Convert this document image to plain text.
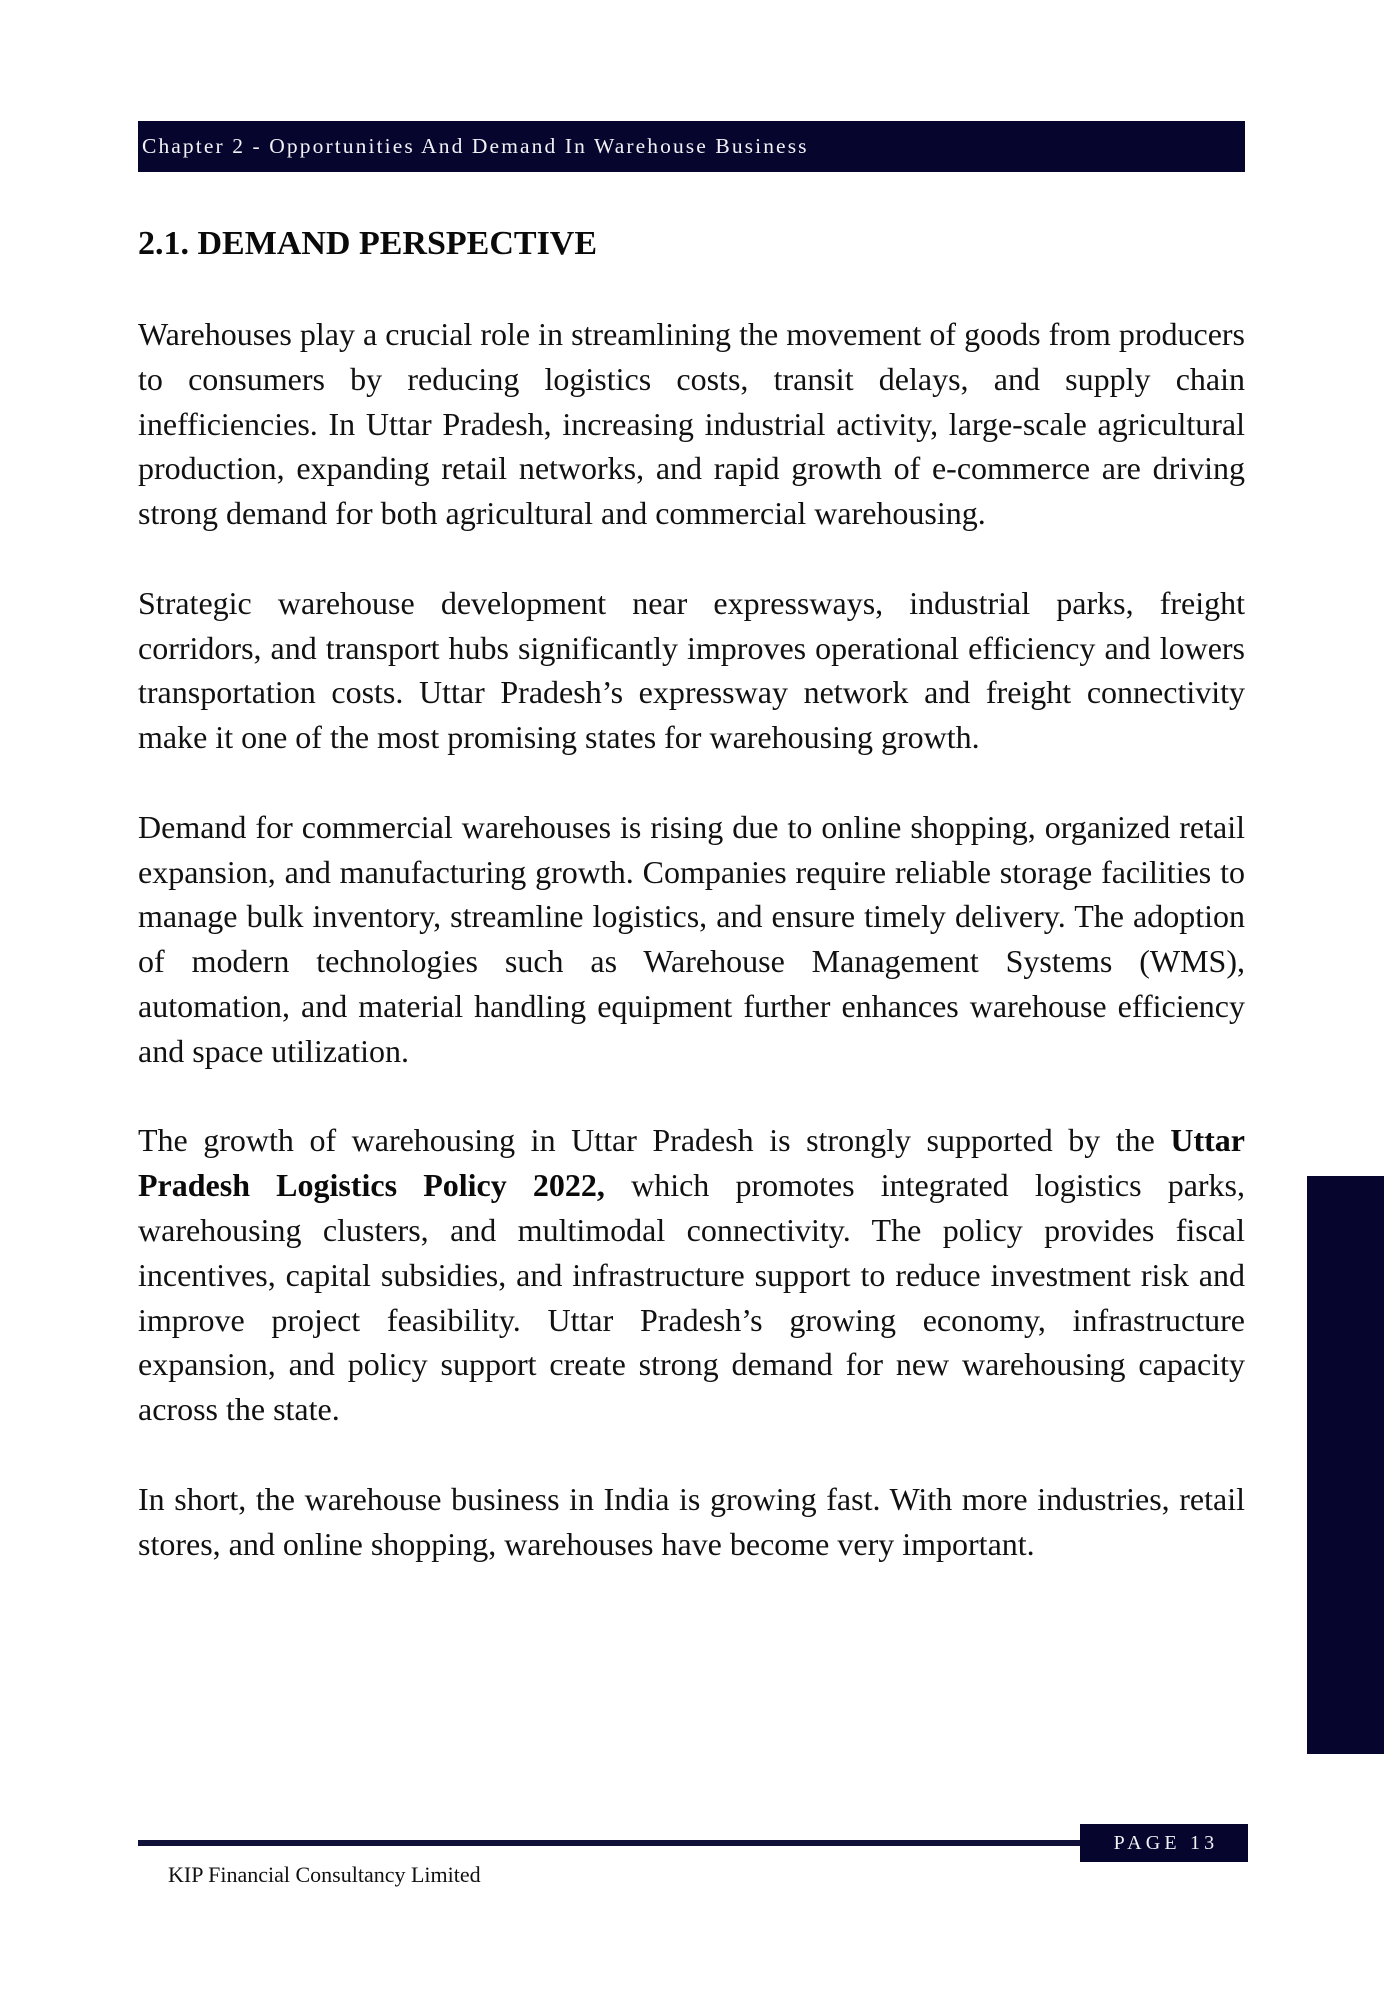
Chapter 2 - Opportunities And Demand In Warehouse Business
2.1. DEMAND PERSPECTIVE

Warehouses play a crucial role in streamlining the movement of goods from producers to consumers by reducing logistics costs, transit delays, and supply chain inefficiencies. In Uttar Pradesh, increasing industrial activity, large-scale agricultural production, expanding retail networks, and rapid growth of e-commerce are driving strong demand for both agricultural and commercial warehousing.

Strategic warehouse development near expressways, industrial parks, freight corridors, and transport hubs significantly improves operational efficiency and lowers transportation costs. Uttar Pradesh’s expressway network and freight connectivity make it one of the most promising states for warehousing growth.

Demand for commercial warehouses is rising due to online shopping, organized retail expansion, and manufacturing growth. Companies require reliable storage facilities to manage bulk inventory, streamline logistics, and ensure timely delivery. The adoption of modern technologies such as Warehouse Management Systems (WMS), automation, and material handling equipment further enhances warehouse efficiency and space utilization.

The growth of warehousing in Uttar Pradesh is strongly supported by the Uttar Pradesh Logistics Policy 2022, which promotes integrated logistics parks, warehousing clusters, and multimodal connectivity. The policy provides fiscal incentives, capital subsidies, and infrastructure support to reduce investment risk and improve project feasibility. Uttar Pradesh’s growing economy, infrastructure expansion, and policy support create strong demand for new warehousing capacity across the state.

In short, the warehouse business in India is growing fast. With more industries, retail stores, and online shopping, warehouses have become very important.

PAGE 13
KIP Financial Consultancy Limited
